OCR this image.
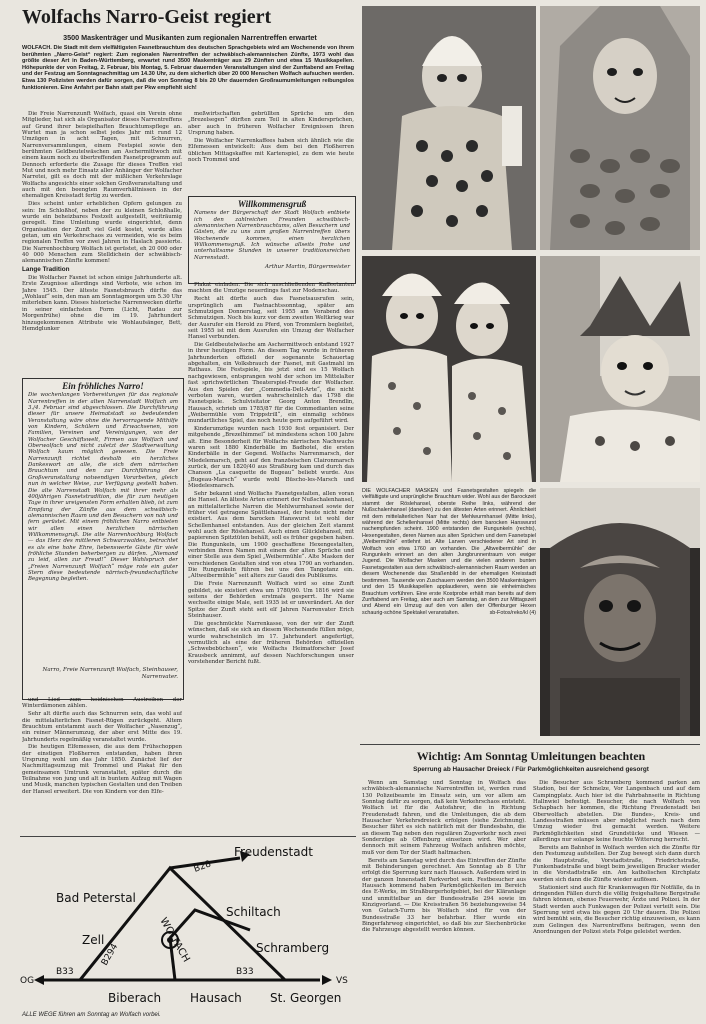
Wolfachs Narro-Geist regiert
3500 Maskenträger und Musikanten zum regionalen Narrentreffen erwartet
WOLFACH. Die Stadt mit dem vielfältigsten Fasnetbrauchtum des deutschen Sprachgebiets wird am Wochenende von ihrem berühmten „Narro-Geist“ regiert: Zum regionalen Narrentreffen der schwäbisch-alemannischen Zünfte, 1973 wohl das größte dieser Art in Baden-Württemberg, erwartet rund 3500 Maskenträger aus 29 Zünften und etwa 15 Musikkapellen. Höhepunkte der von Freitag, 2. Februar, bis Montag, 5. Februar dauernden Veranstaltungen sind der Zunftabend am Freitag und der Festzug am Sonntagnachmittag um 14.30 Uhr, zu dem sicherlich über 20 000 Menschen Wolfach aufsuchen werden. Etwa 130 Polizisten werden dafür sorgen, daß die von Sonntag 8 bis 20 Uhr dauernden Großraumumleitungen reibungslos funktionieren. Eine Anfahrt per Bahn statt per Pkw empfiehlt sich!

Die Freie Narrenzunft Wolfach, quasi ein Verein ohne Mitglieder, hat sich als Organisator dieses Narrentreffens auf Grund ihrer beispielhaften Brauchtumspflege an. Wurtet man ja schon selbst jedes Jahr mit rund 12 Umzügen in acht Tagen, mit Schnurren, Narrenversammlungen, einem Festspiel sowie den berühmten Geldbeutelwäschen am Aschermittwoch mit einem kaum noch zu übertreffenden Fasnetprogramm auf. Dennoch erforderte die Zusage für dieses Treffen viel Mut und noch mehr Einsatz aller Anhänger der Wolfacher Narretei, gilt es doch mit der mißlichen Verkehrslage Wolfachs angesichts einer solchen Großveranstaltung und auch mit den beengten Raumverhältnissen in der ehemaligen Kreisstadt fertig zu werden.

Dies scheint unter erheblichen Opfern gelungen zu sein: Im Schloßhof, neben der zu kleinen Schloßhalle, wurde ein beheizbares Festzelt aufgestellt, weiträumig geregelt. Eine Umleitung wurde eingerichtet, denn Organisation der Zunft viel Geld kostet, wurde alles getan, um ein Verkehrschaos zu vermeiden, wie es beim regionalen Treffen vor zwei Jahren in Haslach passierte. Die Narrenhochburg Wolfach ist gerüstet, eh 20 000 oder 40 000 Menschen zum Stelldichein der schwäbisch-alemannischen Zünfte kommen!

Lange Tradition

Die Wolfacher Fasnet ist schon einige Jahrhunderte alt. Erste Zeugnisse allerdings sind Verbote, wie schon im Jahre 1545. Der älteste Fasnetsbrauch dürfte das „Wohlauf“ sein, den man am Sonntagmorgen um 5.30 Uhr miterleben kann. Dieses historische Narrenwecken dürfte in seiner einfachsten Form (Licht, Radau zur Morgenfrühe) ohne die im 19. Jahrhundert hinzugekommenen Attribute wie Wohlaufsänger, Bett, Hemdglunker

Ein fröhliches Narro!
Die wochenlangen Vorbereitungen für das regionale Narrentreffen in der alten Narrenstadt Wolfach am 3./4. Februar sind abgeschlossen. Die Durchführung dieser für unsere Heimatstadt so bedeutenden Veranstaltung wäre ohne die hervorragende Mithilfe von Kindern, Schülern und Erwachsenen, von Familien, Vereinen und Vereinigungen, von der Wolfacher Geschäftswelt, Firmen aus Wolfach und Oberwolfach und nicht zuletzt der Stadtverwaltung Wolfach kaum möglich gewesen. Die Freie Narrenzunft richtet deshalb ein herzliches Dankeswort an alle, die sich dem närrischen Brauchtum und den zur Durchführung der Großveranstaltung notwendigen Vorarbeiten, gleich nun in welcher Weise, zur Verfügung gestellt haben. Die alte Narrenstadt Wolfach mit ihrer mehr als 400jährigen Fasnetstradition, die für zum heutigen Tage in ihrer ureigensten Form erhalten blieb, ist zum Empfang der Zünfte aus dem schwäbisch-alemannischen Raum und den Besuchern von nah und fern gerüstet. Mit einem fröhlichen Narro entbieten wir allen einen herzlichen närrischen Willkommensgruß. Die alte Narrenhochburg Wolfach — das Herz des mittleren Schwarzwaldes, betrachtet es als eine hohe Ehre, liebenswerte Gäste für viele fröhliche Stunden beherbergen zu dürfen. „Niemand zu leid, allen zur Freud!“ Dieser Wahlspruch der „Freien Narrenzunft Wolfach“ möge rote ein guter Stern diese bedeutende närrisch-freundschaftliche Begegnung begleiten.
Narro, Freie Narrenzunft Wolfach, Steinhauser, Narrenvater.

und Lied zum heidnischen Austreiben der Winterdämonen zählen.

Sehr alt dürfte auch das Schnurren sein, das wohl auf die mittelalterlichen Fasnet-Rügen zurückgeht. Altem Brauchtum entstammt auch der Wolfacher „Nasenzug“, ein reiner Männerumzug, der aber erst Mitte des 19. Jahrhunderts regelmäßig veranstaltet wurde.

Die heutigen Elfemessen, die aus dem Frühschoppen der einstigen Floßherren entstanden, haben ihren Ursprung wohl um das Jahr 1850. Zunächst lief der Nachmittagsumzug mit Trommel und Plakat für den gemeinsamen Umtrunk veranstaltet, später durch die Teilnahme von jung und alt in buntem Aufzug mit Wagen und Musik, manchen typischen Gestalten und den Treiben der Hansel erweitert. Die von Kindern vor den Elfe-

meßwirtschaften gebrüllten Sprüche um den „Brezelsegen“ dürften zum Teil in alten Kindersprüchen, aber auch in früheren Wolfacher Ereignissen ihren Ursprung haben.

Die Wolfacher Narrenkaffees haben sich ähnlich wie die Elfemessen entwickelt: Aus dem bei den Floßherren üblichen Mittagskaffee mit Kartenspiel, zu dem wie heute noch Trommel und

Willkommensgruß
Namens der Bürgerschaft der Stadt Wolfach entbiete ich den zahlreichen Freunden schwäbisch-alemannischen Narrenbrauchtums, allen Besuchern und Gästen, die zu uns zum großen Narrentreffen übers Wochenende kommen, einen herzlichen Willkommensgruß. Ich wünsche allseits frohe und unterhaltsame Stunden in unserer traditionsreichen Narrenstadt.
Arthur Martin, Bürgermeister

Plakat einladen. Die sich anschließenden Kaffeetanten machten die Umzüge neuerdings fast zur Modenschau.

Recht alt dürfte auch das Fasnetsausrufen sein, ursprünglich am Fastnachtssonntag, später am Schmutzigen Donnerstag, seit 1955 am Vorabend des Schmutzigen. Noch bis kurz vor dem zweiten Weltkrieg war der Ausrufer ein Herold zu Pferd, von Trommlern begleitet, seit 1955 ist mit dem Ausrufen ein Umzug der Wolfacher Hansel verbunden.

Die Geldbeutelwäsche am Aschermittwoch entstand 1927 in ihrer heutigen Form. An diesem Tag wurde in früheren Jahrhunderten offiziell der sogenannte Schauertag abgehalten, ein Volksbrauch der Fasnet, mit Gastmahl im Rathaus. Die Festspiele, bis jetzt sind es 15 Wolfach nachgewiesen, entsprangen wohl der schon im Mittelalter fast sprichwörtlichen Theaterspiel-Freude der Wolfacher. Aus den Spielen der „Commedia-Dell-Arte“, die nicht verboten waren, wurden wahrscheinlich das 1798 die Fasnetspiele. Schulvisitator Georg Anton Brendlin, Hausach, schrieb um 1785/87 für die Commedianten seine „Weibermühle vom Trippstrill“, ein einmalig schönes mundartliches Spiel, das noch heute gern aufgeführt wird.

Kinderumzüge wurden nach 1930 fest organisiert. Der mitgehende „Brezelhimmel“ ist mindestens schon 100 Jahre alt. Eine Besonderheit für Wolfachs närrischen Nachwuchs waren seit 1880 Kinderbälle im Badhotel, die ersten Kinderbälle in der Gegend. Wolfachs Narrenmarsch, der Miedelemarsch, geht auf den französischen Claironmarsch zurück, der um 1820/40 aus Straßburg kam und durch das Chanson „La casquette de Bugeau“ beliebt wurde. Aus „Bugeau-Marsch“ wurde wohl Büscho-les-Marsch und Miedelesmarsch.

Sehr bekannt sind Wolfachs Fasnetgestalten, allen voran die Hansel. An älteste Arten erinnert der Nußschalenhansel, an mittelalterliche Narren die Mehlwurmhansel sowie der früher viel getragene Spättlehansel, der heute nicht mehr existiert. Aus dem barocken Hanswurst ist wohl der Schellenhansel entstanden. Aus der gleichen Zeit stammt wohl auch der Röslehansel. Auch einen Glücklehansel, mit papierenen Spitztüten behält, soll es früher gegeben haben. Die Rungunkeln, um 1900 geschaffene Hexengestalten, verbinden ihren Namen mit einem der alten Sprüche und einer Stelle aus dem Spiel „Weibermühle“. Alte Masken der verschiedenen Gestalten sind von etwa 1790 an vorhanden. Die Rungunkeln führen bei uns den Tangotanz ein. „Altweibermühle“ seit alters zur Gaudi des Publikums.

Die Freie Narrenzunft Wolfach wird so eine Zunft gebildet, sie existiert etwa um 1780/90. Um 1816 wird sie seitens der Behörden erstmals gesperrt. Ihr Name wechselte einige Male, seit 1935 ist er unverändert. An der Spitze der Zunft steht seit elf Jahren Narrenvater Erich Steinhauser.

Die geschmückte Narrenkasse, von der wir der Zunft wünschen, daß sie sich an diesem Wochenende füllen möge, wurde wahrscheinlich im 17. Jahrhundert angefertigt, vermutlich als eine der früheren Behörden offiziellen „Schwebebüchsen“, wie Wolfachs Heimatforscher Josef Krausbeck annimmt, auf dessen Nachforschungen unser vorstehender Bericht fußt.

DIE WOLFACHER MASKEN und Fasnetsgestalten spiegeln die vielfältigste und ursprüngliche Brauchtum wider. Wohl aus der Barockzeit stammt der Röslehansel, oberste Reihe links, während der Nußschalenhansel (daneben) zu den ältesten Arten erinnert. Ähnlichkeit mit dem mittelalterlichen Narr hat der Mehlwurmhansel (Mitte links), während der Schellenhansel (Mitte rechts) dem barocken Hanswurst nachempfunden scheint. 1900 entstanden die Rungunkeln (rechts), Hexengestalten, deren Namen aus alten Sprüchen und dem Fasnetspiel „Weibermühle“ entlehnt ist. Alte Larven verschiedener Art sind in Wolfach von etwa 1760 an vorhanden. Die „Altweibermühle“ der Rungunkeln erinnert an den alten Jungbrunnentraum von ewiger Jugend. Die Wolfacher Masken und die vielen anderen bunten Fasnetsgestalten aus dem schwäbisch-alemannischen Raum werden an diesem Wochenende das Straßenbild in der ehemaligen Kreisstadt bestimmen. Tausende von Zuschauern werden den 3500 Maskenträgern und den 15 Musikkapellen applaudieren, wenn sie einheimisches Brauchtum vorführen. Eine erste Kostprobe erhält man bereits auf dem Zunftabend am Freitag, aber auch am Samstag, an dem zur Mittagszeit und Abend ein Umzug auf den von allen der Offenburger Hexen schaurig-schöne Spektakel veranstalten.	sb-Fotos/reko/kl (4)
Wichtig: Am Sonntag Umleitungen beachten
Sperrung ab Hausacher Dreieck / Für Parkmöglichkeiten ausreichend gesorgt

Wenn am Samstag und Sonntag in Wolfach das schwäbisch-alemannische Narrentreffen ist, werden rund 130 Polizeibeamte im Einsatz sein, um vor allem am Sonntag dafür zu sorgen, daß kein Verkehrschaos entsteht. Wolfach ist für die Autofahrer, die in Richtung Freudenstadt fahren, und die Umleitungen, die ab dem Hausacher Verkehrsdreieck erfolgen (siehe Zeichnung). Besucher fährt es sich natürlich mit der Bundesbahn, die an diesem Tag neben den regulären Zugverkehr noch zwei Sonderzüge ab Offenburg einsetzen wird. Wer aber dennoch mit seinem Fahrzeug Wolfach anfahren möchte, muß vor dem Tor der Stadt haltmachen.

Bereits am Samstag wird durch das Eintreffen der Zünfte mit Behinderungen gerechnet. Am Sonntag ab 8 Uhr erfolgt die Sperrung kurz nach Hausach. Außerdem wird in der ganzen Innenstadt Parkverbot sein. Festbesucher aus Hausach kommend haben Parkmöglichkeiten im Bereich des E-Werks, im Straßburgerhofgebiet, bei der Kläranlage und unmittelbar an der Bundesstraße 294 sowie im Kinzigvorland. — Die Kreisstraßen 56 beziehungsweise 54 von Gutach-Turm bis Wolfach sind für von der Bundesstraße 33 her befahrbar. Hier wurde ein Bingerfahrweg eingerichtet, so daß bis zur Siechenbrücke die Fahrzeuge abgestellt werden können.

Die Besucher aus Schramberg kommend parken am Stadion, bei der Schmelze, Vor Langenbach und auf dem Campingplatz. Auch hier ist die Fahrbahnseite in Richtung Hallnwiel befestigt. Besucher, die nach Wolfach von Schapbach her kommen, die Richtung Freudenstadt bei Oberwolfach abstellen. Die Bundes-, Kreis- und Landesstraßen müssen aber möglichst rasch nach dem Umzug wieder frei gemacht werden. Weitere Parkmöglichkeiten sind Grundstücke und Wiesen — allerdings nur solange keine feuchte Witterung herrscht.

Bereits am Bahnhof in Wolfach werden sich die Zünfte für den Festumzug aufstellen. Der Zug bewegt sich dann durch die Hauptstraße, Vorstadtstraße, Friedrichstraße, Funkenbadstraße und biegt beim jeweiligen Brucker wieder in die Vorstadtstraße ein. Am katholischen Kirchplatz werden sich dann die Zünfte wieder auflösen.

Stationiert sind auch für Krankenwagen für Notfälle, da in dringenden Fällen durch die völlig freigehaltene Bergstraße fahren können, ebenso Feuerwehr, Ärzte und Polizei. In der Stadt werden auch Funkwagen der Polizei verteilt sein. Die Sperrung wird etwa bis gegen 20 Uhr dauern. Die Polizei wird bemüht sein, die Besucher richtig einzuweisen, es kann zum Gelingen des Narrentreffens beitragen, wenn den Anordnungen der Polizei stets Folge geleistet werden.

Freudenstadt
Bad Peterstal
Schiltach
Zell
Schramberg
Biberach Hausach St. Georgen
OG	VS
B33	B33
B28
B294	WOLFACH
ALLE WEGE führen am Sonntag an Wolfach vorbei.
